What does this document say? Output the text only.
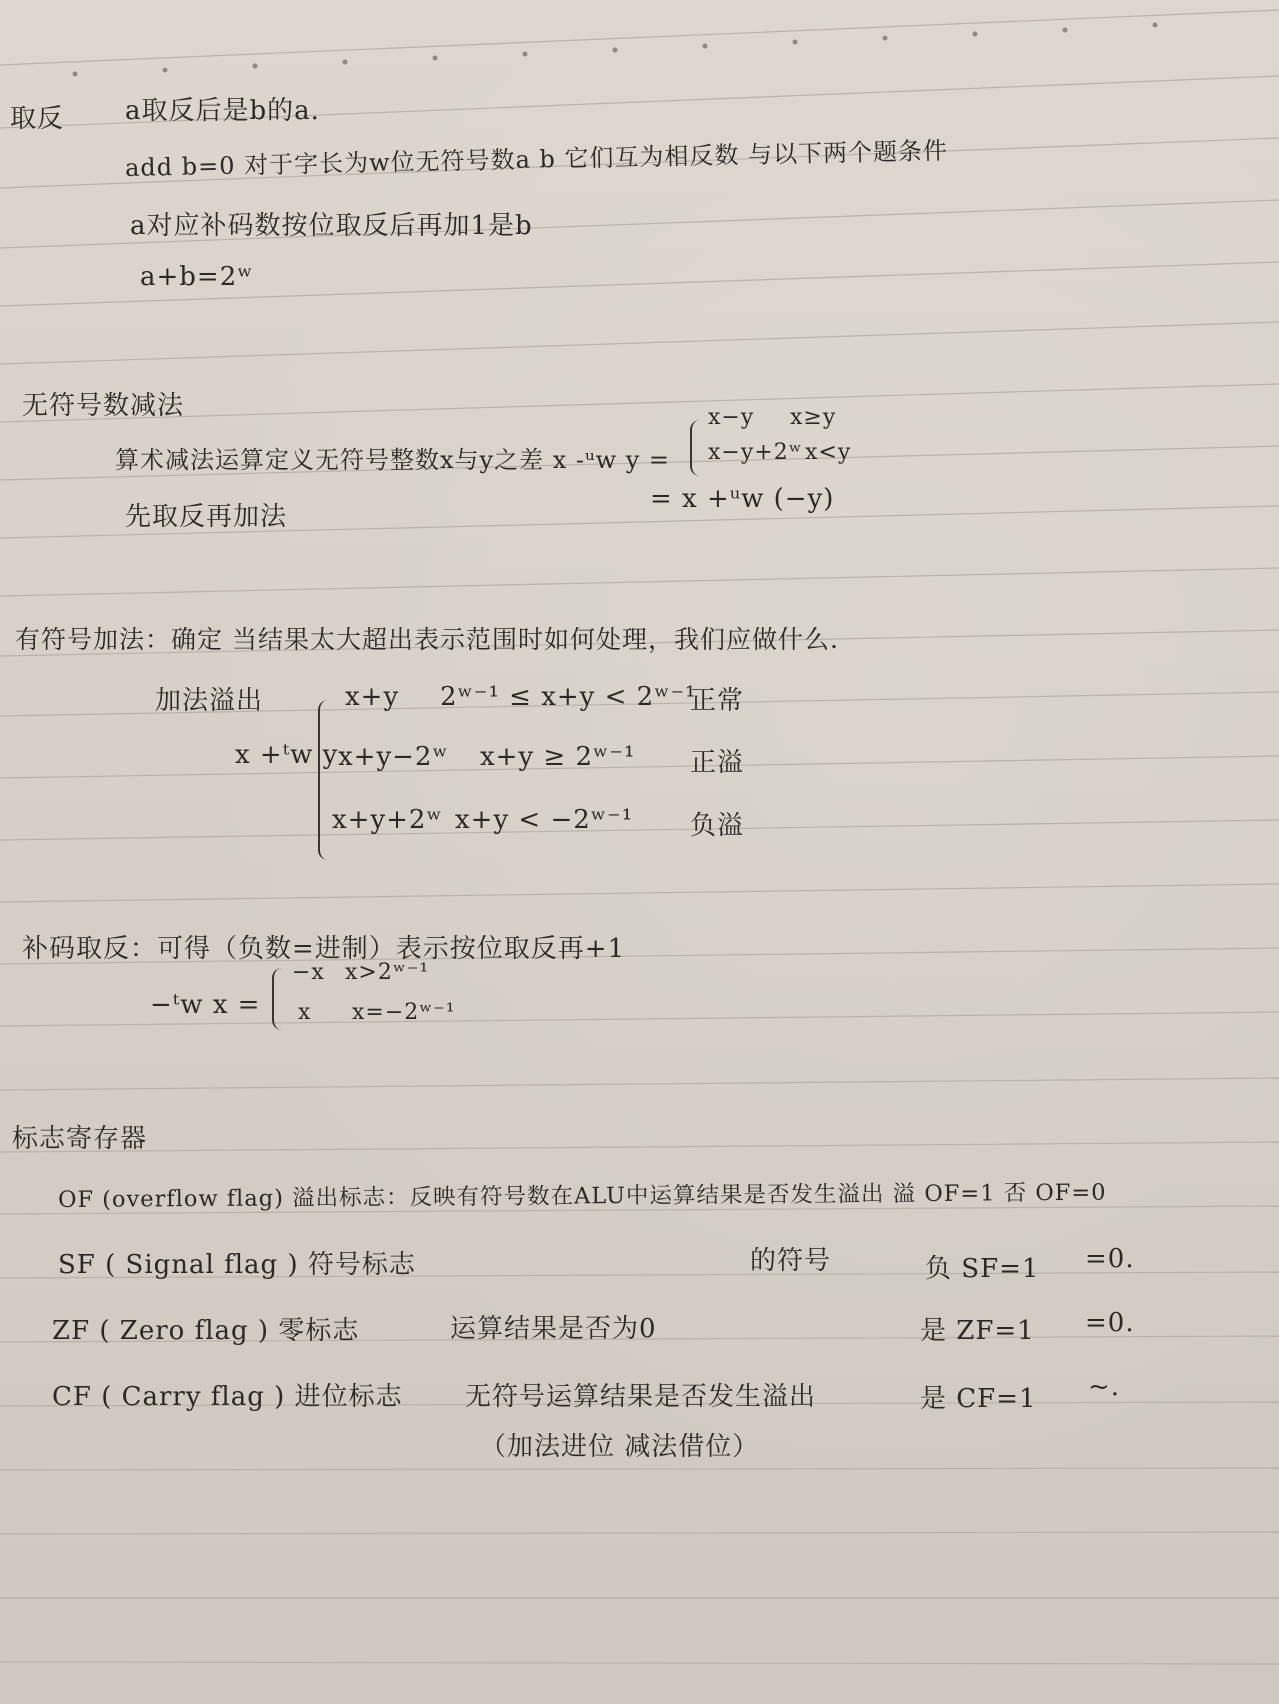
取反 a取反后是b的a.
add b=0 对于字长为w位无符号数a b 它们互为相反数 与以下两个题条件
a对应补码数按位取反后再加1是b
a+b=2ʷ
无符号数减法
算术减法运算定义无符号整数x与y之差 x -ᵘw y =
x−y x≥y
x−y+2ʷ x<y
先取反再加法
= x +ᵘw (−y)
有符号加法：确定 当结果太大超出表示范围时如何处理，我们应做什么.
加法溢出
x +ᵗw y
x+y 2ʷ⁻¹ ≤ x+y < 2ʷ⁻¹
正常
x+y−2ʷ x+y ≥ 2ʷ⁻¹ 正溢
x+y+2ʷ x+y < −2ʷ⁻¹ 负溢
补码取反：可得（负数=进制）表示按位取反再+1
−ᵗw x =
−x x>2ʷ⁻¹
x x=−2ʷ⁻¹
标志寄存器
OF (overflow flag) 溢出标志：反映有符号数在ALU中运算结果是否发生溢出 溢 OF=1 否 OF=0
SF ( Signal flag ) 符号标志	的符号	负 SF=1 =0.
ZF ( Zero flag ) 零标志	运算结果是否为0	是 ZF=1 =0.
CF ( Carry flag ) 进位标志 无符号运算结果是否发生溢出	是 CF=1 ~.
（加法进位 减法借位）
